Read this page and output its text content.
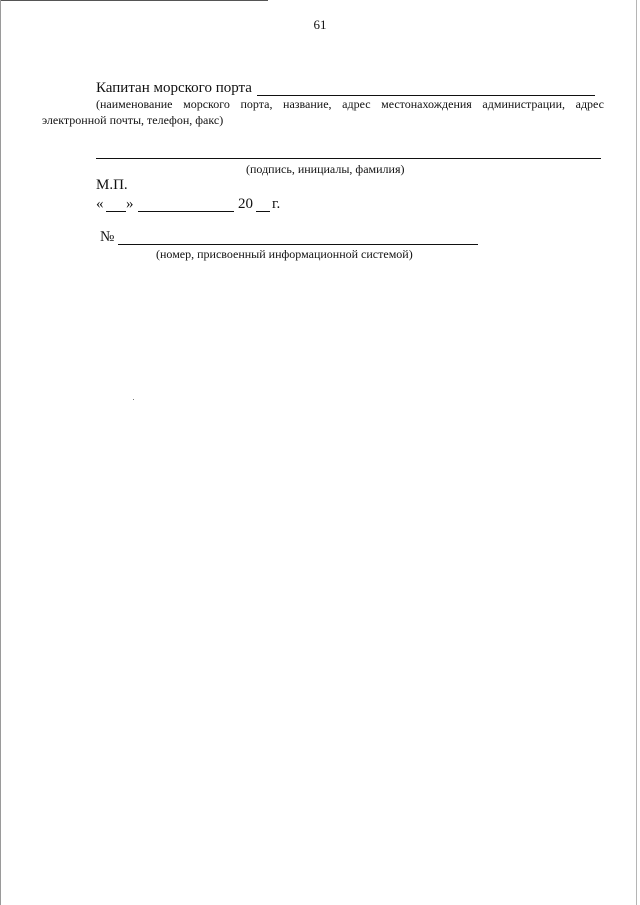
61
Капитан морского порта
(наименование морского порта, название, адрес местонахождения администрации, адрес
электронной почты, телефон, факс)
(подпись, инициалы, фамилия)
М.П.
« »	20 г.
№
(номер, присвоенный информационной системой)
